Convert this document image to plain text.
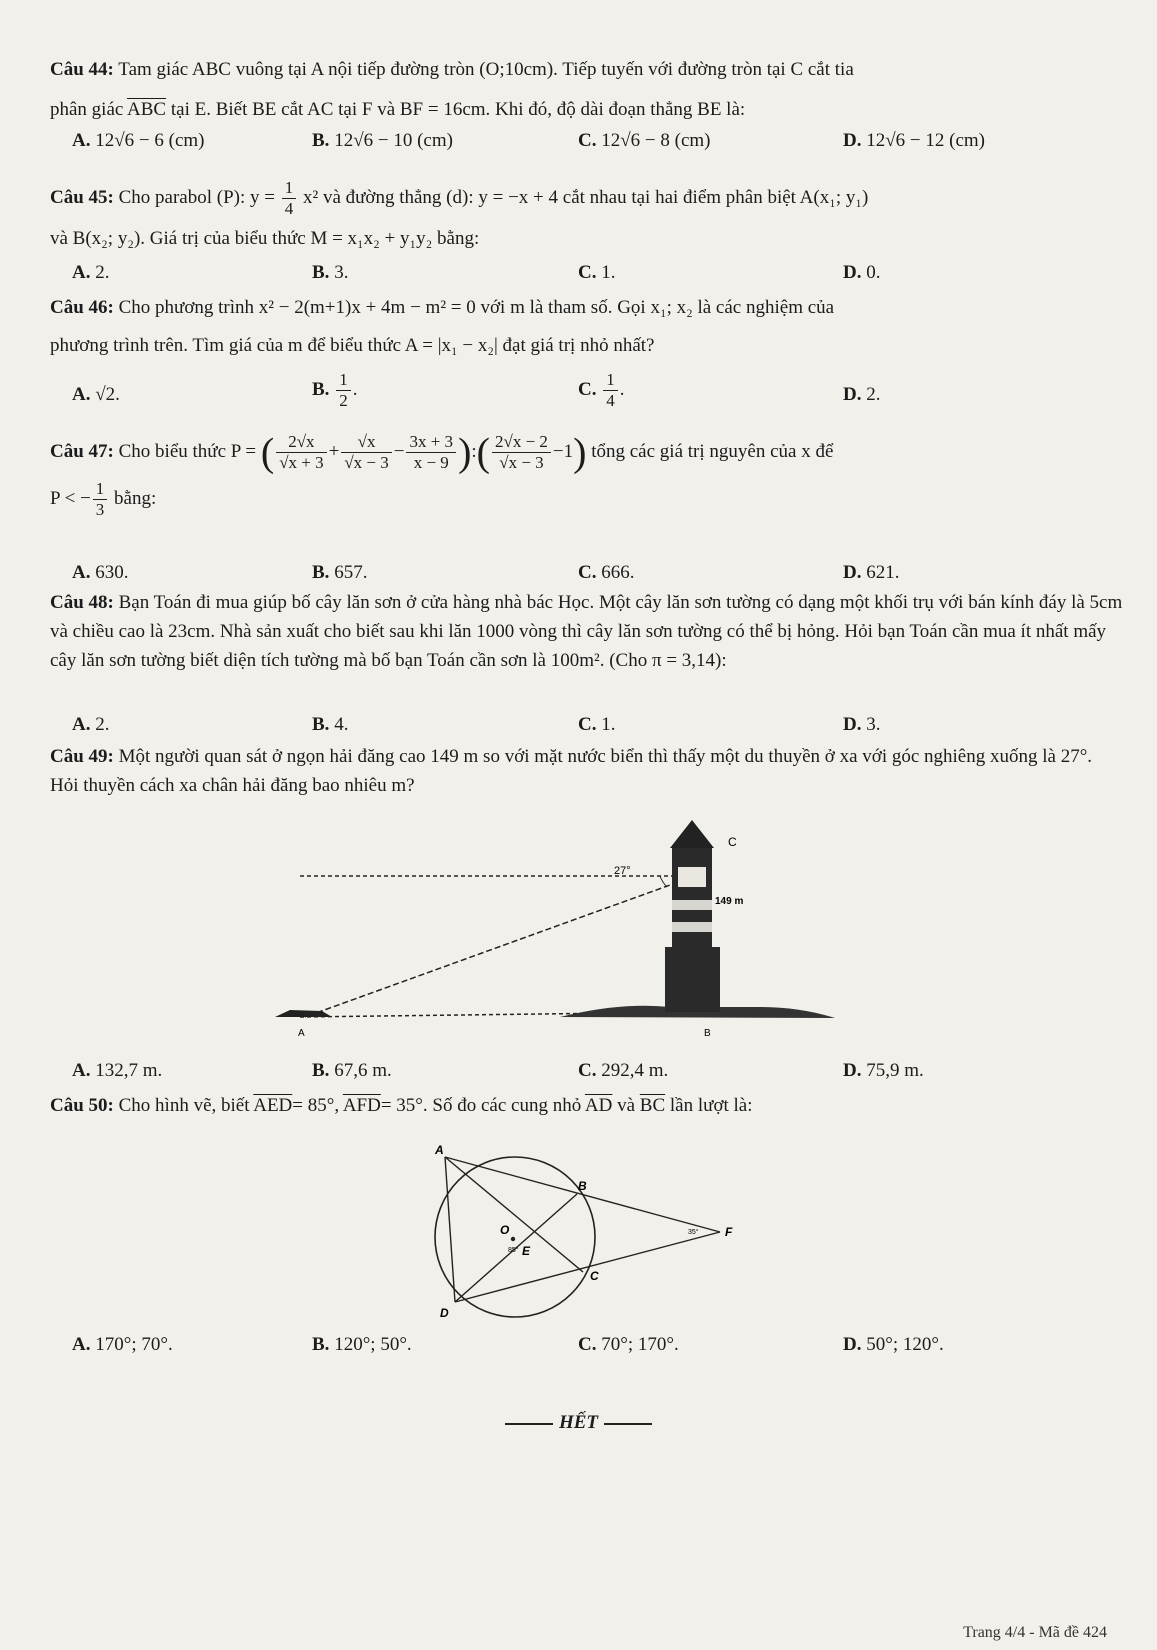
Câu 44: Tam giác ABC vuông tại A nội tiếp đường tròn (O;10cm). Tiếp tuyến với đường tròn tại C cắt tia

phân giác $\overline{ABC}$ tại E. Biết BE cắt AC tại F và BF = 16cm. Khi đó, độ dài đoạn thẳng BE là:

A. 12√6 − 6 (cm)	B. 12√6 − 10 (cm)	C. 12√6 − 8 (cm)	D. 12√6 − 12 (cm)

Câu 45: Cho parabol (P): $y = \frac{1}{4} x^2$ và đường thẳng (d): y = −x + 4 cắt nhau tại hai điểm phân biệt A(x₁; y₁)

và B(x₂; y₂). Giá trị của biểu thức M = x₁x₂ + y₁y₂ bằng:

A. 2.	B. 3.	C. 1.	D. 0.

Câu 46: Cho phương trình x² − 2(m+1)x + 4m − m² = 0 với m là tham số. Gọi x₁; x₂ là các nghiệm của

phương trình trên. Tìm giá của m để biểu thức A = |x₁ − x₂| đạt giá trị nhỏ nhất?

A. √2.	B. $\frac{1}{2}$ .	C. $\frac{1}{4}$ .	D. 2.

Câu 47: Cho biểu thức P = ( $\frac{2√x}{√x + 3} + \frac{√x}{√x - 3} - \frac{3x + 3}{x - 9}$ ):( $\frac{2√x - 2}{√x - 3} -1$) tổng các giá trị nguyên của x để

P < − $\frac{1}{3}$ bằng:

A. 630.	B. 657.	C. 666.	D. 621.

Câu 48: Bạn Toán đi mua giúp bố cây lăn sơn ở cửa hàng nhà bác Học. Một cây lăn sơn tường có dạng một khối trụ với bán kính đáy là 5cm và chiều cao là 23cm. Nhà sản xuất cho biết sau khi lăn 1000 vòng thì cây lăn sơn tường có thể bị hỏng. Hỏi bạn Toán cần mua ít nhất mấy cây lăn sơn tường biết diện tích tường mà bố bạn Toán cần sơn là 100m². (Cho π = 3,14):

A. 2.	B. 4.	C. 1.	D. 3.

Câu 49: Một người quan sát ở ngọn hải đăng cao 149 m so với mặt nước biển thì thấy một du thuyền ở xa với góc nghiêng xuống là 27°. Hỏi thuyền cách xa chân hải đăng bao nhiêu m?

27°
149 m
C
B
A
A. 132,7 m.	B. 67,6 m.	C. 292,4 m.	D. 75,9 m.

Câu 50: Cho hình vẽ, biết $\overline{AED}= 85^\circ$, $\overline{AFD}= 35^\circ$. Số đo các cung nhỏ $\overline{AD}$ và $\overline{BC}$ lần lượt là:

A
B
C
D
E
F
O
85°
35°
A. 170°; 70°.	B. 120°; 50°.	C. 70°; 170°.	D. 50°; 120°.
HẾT
Trang 4/4 - Mã đề 424
